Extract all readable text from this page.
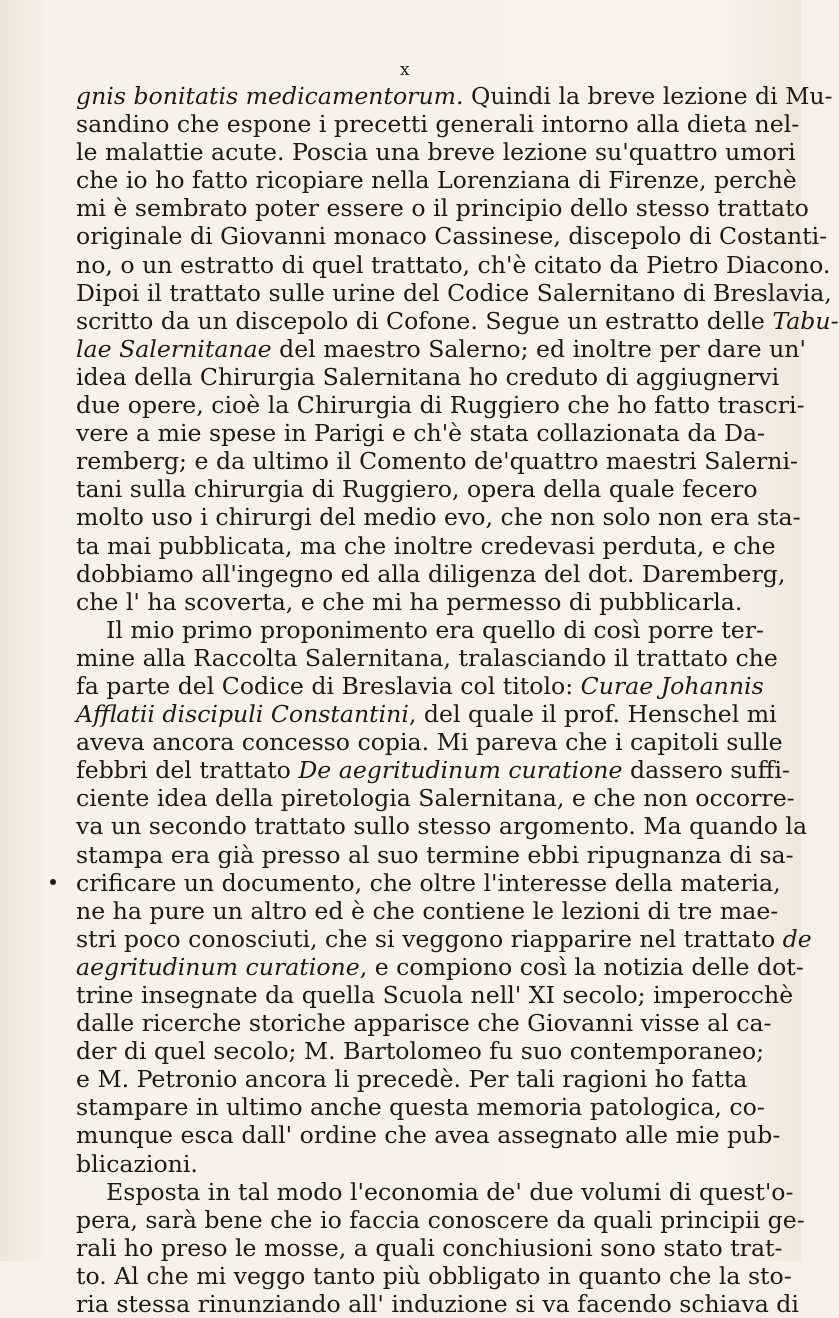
x

gnis bonitatis medicamentorum. Quindi la breve lezione di Mu-
sandino che espone i precetti generali intorno alla dieta nel-
le malattie acute. Poscia una breve lezione su'quattro umori
che io ho fatto ricopiare nella Lorenziana di Firenze, perchè
mi è sembrato poter essere o il principio dello stesso trattato
originale di Giovanni monaco Cassinese, discepolo di Costanti-
no, o un estratto di quel trattato, ch'è citato da Pietro Diacono.
Dipoi il trattato sulle urine del Codice Salernitano di Breslavia,
scritto da un discepolo di Cofone. Segue un estratto delle Tabu-
lae Salernitanae del maestro Salerno; ed inoltre per dare un'
idea della Chirurgia Salernitana ho creduto di aggiugnervi
due opere, cioè la Chirurgia di Ruggiero che ho fatto trascri-
vere a mie spese in Parigi e ch'è stata collazionata da Da-
remberg; e da ultimo il Comento de'quattro maestri Salerni-
tani sulla chirurgia di Ruggiero, opera della quale fecero
molto uso i chirurgi del medio evo, che non solo non era sta-
ta mai pubblicata, ma che inoltre credevasi perduta, e che
dobbiamo all'ingegno ed alla diligenza del dot. Daremberg,
che l' ha scoverta, e che mi ha permesso di pubblicarla.

Il mio primo proponimento era quello di così porre ter-
mine alla Raccolta Salernitana, tralasciando il trattato che
fa parte del Codice di Breslavia col titolo: Curae Johannis
Afflatii discipuli Constantini, del quale il prof. Henschel mi
aveva ancora concesso copia. Mi pareva che i capitoli sulle
febbri del trattato De aegritudinum curatione dassero suffi-
ciente idea della piretologia Salernitana, e che non occorre-
va un secondo trattato sullo stesso argomento. Ma quando la
stampa era già presso al suo termine ebbi ripugnanza di sa-
crificare un documento, che oltre l'interesse della materia,
ne ha pure un altro ed è che contiene le lezioni di tre mae-
stri poco conosciuti, che si veggono riapparire nel trattato de
aegritudinum curatione, e compiono così la notizia delle dot-
trine insegnate da quella Scuola nell' XI secolo; imperocchè
dalle ricerche storiche apparisce che Giovanni visse al ca-
der di quel secolo; M. Bartolomeo fu suo contemporaneo;
e M. Petronio ancora li precedè. Per tali ragioni ho fatta
stampare in ultimo anche questa memoria patologica, co-
munque esca dall' ordine che avea assegnato alle mie pub-
blicazioni.

Esposta in tal modo l'economia de' due volumi di quest'o-
pera, sarà bene che io faccia conoscere da quali principii ge-
rali ho preso le mosse, a quali conchiusioni sono stato trat-
to. Al che mi veggo tanto più obbligato in quanto che la sto-
ria stessa rinunziando all' induzione si va facendo schiava di
